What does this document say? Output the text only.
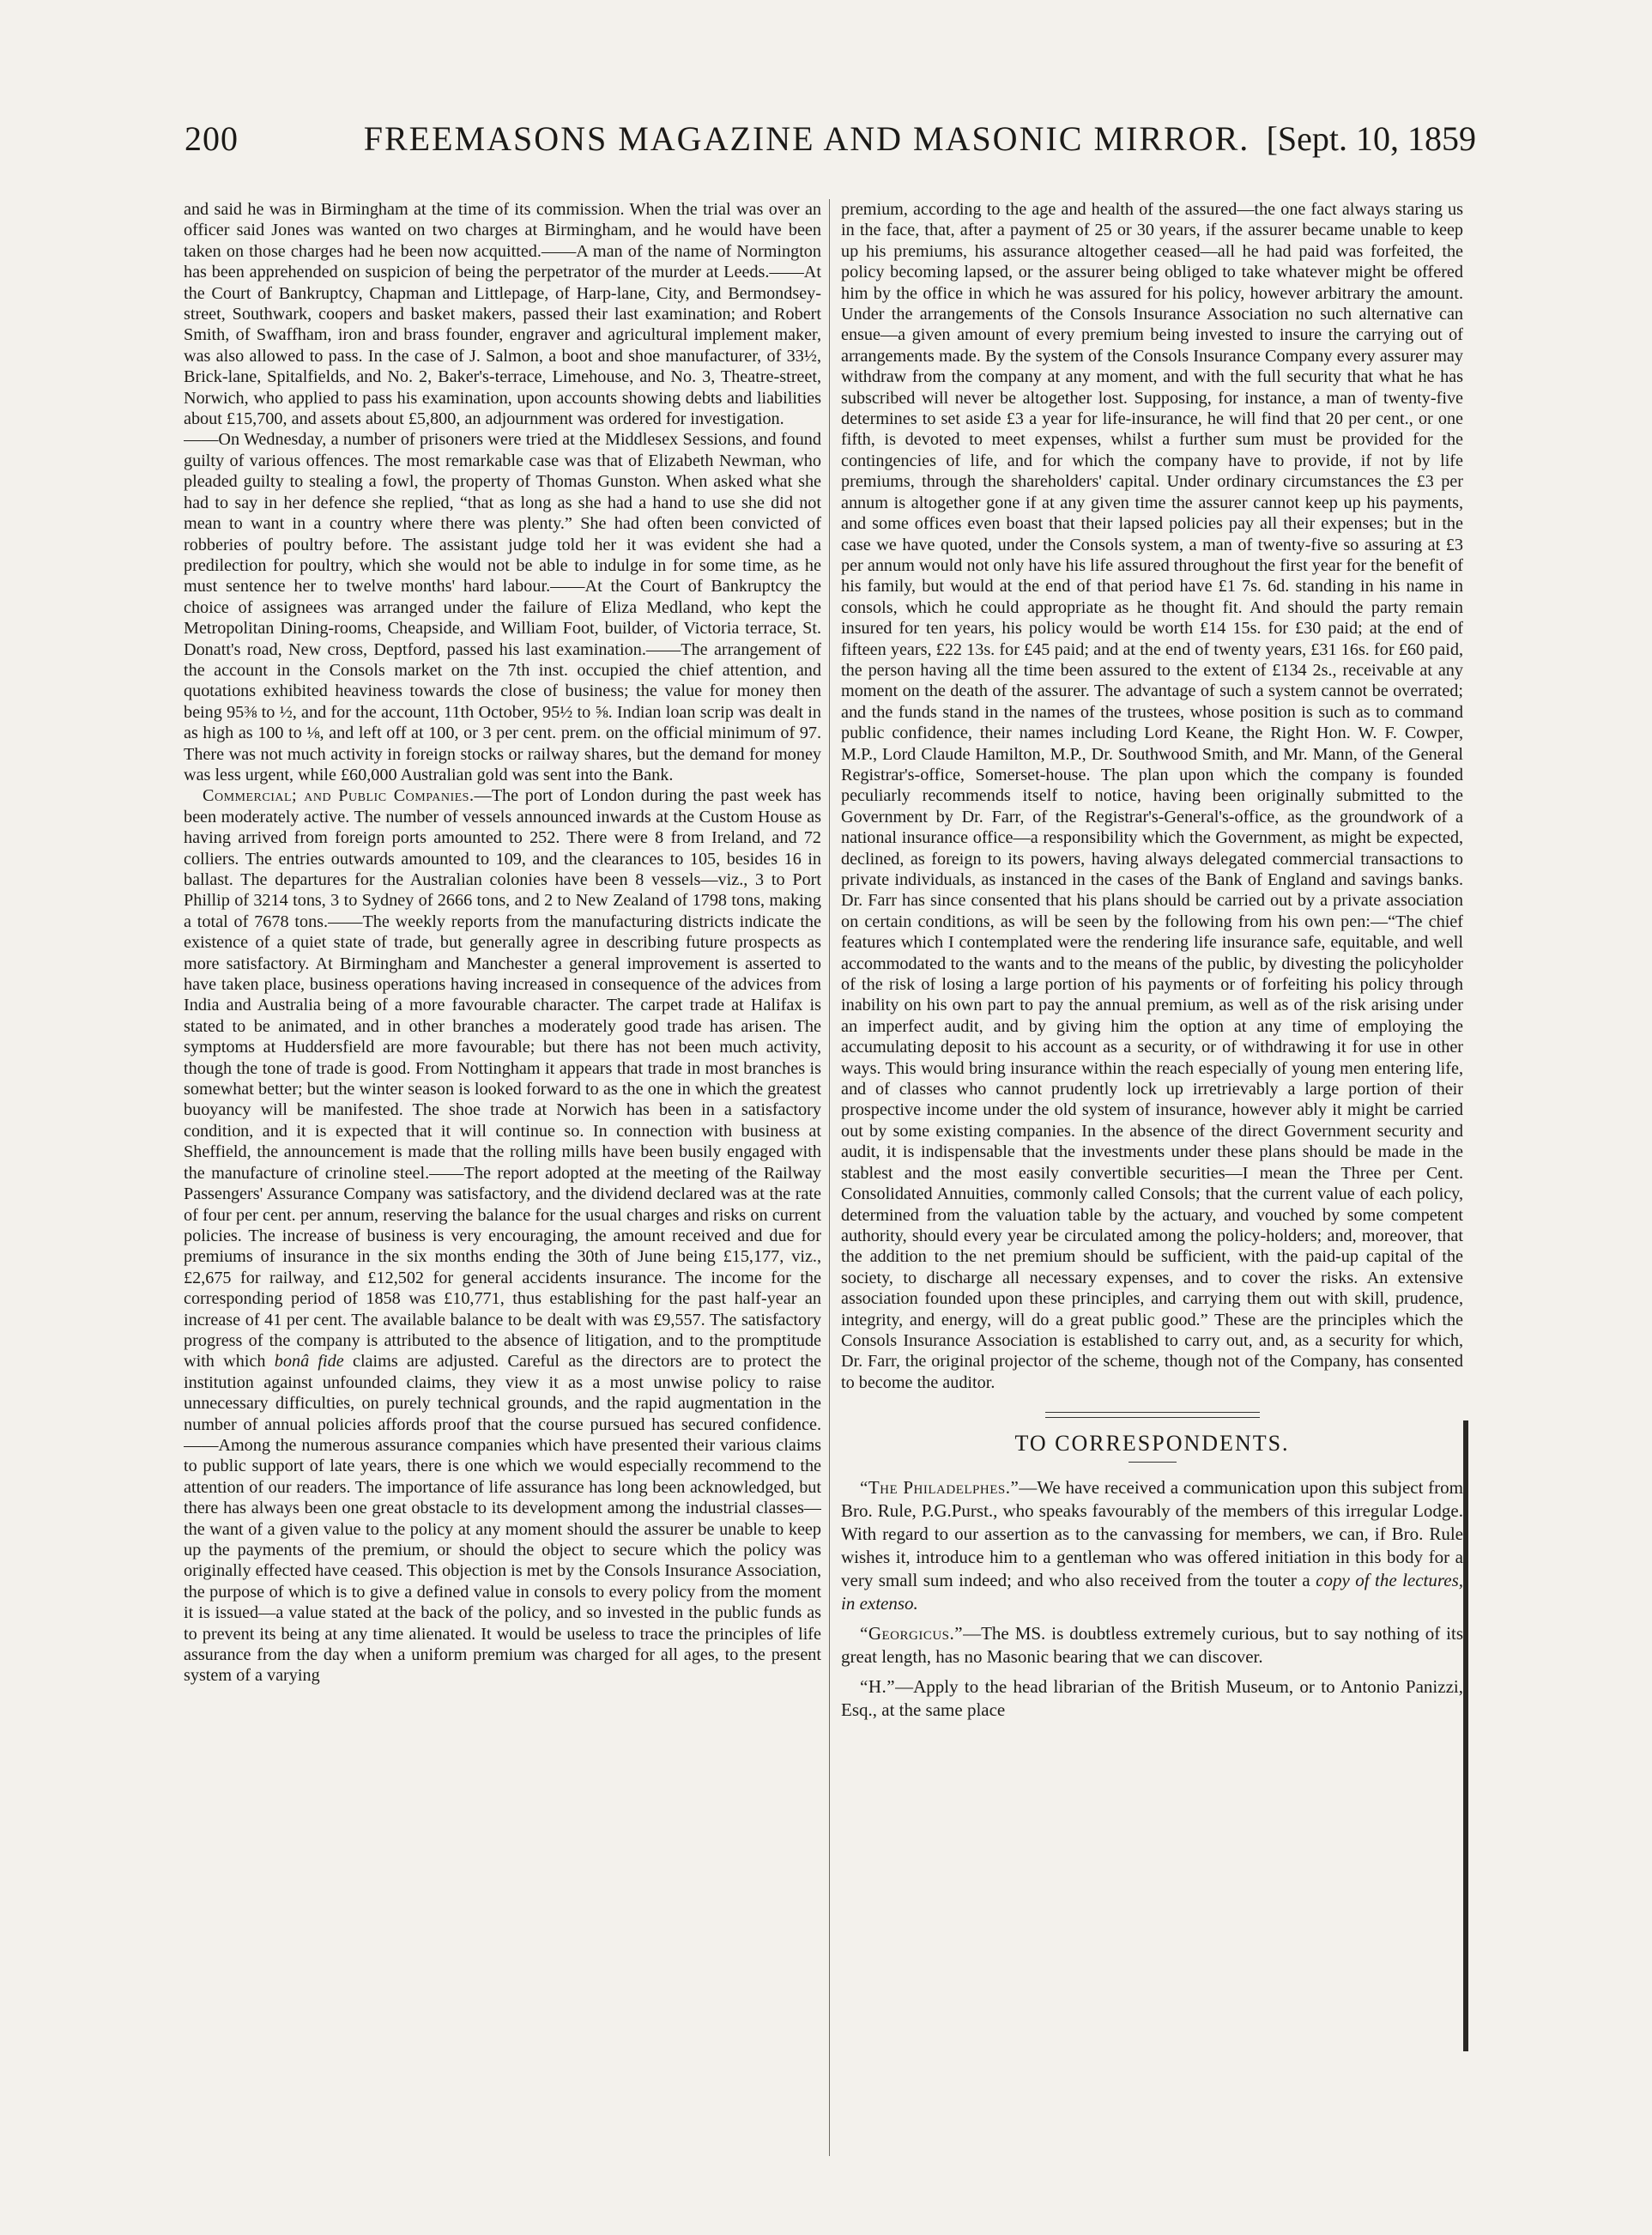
200	FREEMASONS MAGAZINE AND MASONIC MIRROR. [Sept. 10, 1859

and said he was in Birmingham at the time of its commission. When the trial was over an officer said Jones was wanted on two charges at Birmingham, and he would have been taken on those charges had he been now acquitted.——A man of the name of Normington has been apprehended on suspicion of being the perpetrator of the murder at Leeds.——At the Court of Bankruptcy, Chapman and Littlepage, of Harp-lane, City, and Bermondsey-street, Southwark, coopers and basket makers, passed their last examination; and Robert Smith, of Swaffham, iron and brass founder, engraver and agricultural implement maker, was also allowed to pass. In the case of J. Salmon, a boot and shoe manufacturer, of 33½, Brick-lane, Spitalfields, and No. 2, Baker's-terrace, Limehouse, and No. 3, Theatre-street, Norwich, who applied to pass his examination, upon accounts showing debts and liabilities about £15,700, and assets about £5,800, an adjournment was ordered for investigation.

——On Wednesday, a number of prisoners were tried at the Middlesex Sessions, and found guilty of various offences. The most remarkable case was that of Elizabeth Newman, who pleaded guilty to stealing a fowl, the property of Thomas Gunston. When asked what she had to say in her defence she replied, “that as long as she had a hand to use she did not mean to want in a country where there was plenty.” She had often been convicted of robberies of poultry before. The assistant judge told her it was evident she had a predilection for poultry, which she would not be able to indulge in for some time, as he must sentence her to twelve months' hard labour.——At the Court of Bankruptcy the choice of assignees was arranged under the failure of Eliza Medland, who kept the Metropolitan Dining-rooms, Cheapside, and William Foot, builder, of Victoria terrace, St. Donatt's road, New cross, Deptford, passed his last examination.——The arrangement of the account in the Consols market on the 7th inst. occupied the chief attention, and quotations exhibited heaviness towards the close of business; the value for money then being 95⅜ to ½, and for the account, 11th October, 95½ to ⅝. Indian loan scrip was dealt in as high as 100 to ⅛, and left off at 100, or 3 per cent. prem. on the official minimum of 97. There was not much activity in foreign stocks or railway shares, but the demand for money was less urgent, while £60,000 Australian gold was sent into the Bank.

Commercial; and Public Companies.—The port of London during the past week has been moderately active. The number of vessels announced inwards at the Custom House as having arrived from foreign ports amounted to 252. There were 8 from Ireland, and 72 colliers. The entries outwards amounted to 109, and the clearances to 105, besides 16 in ballast. The departures for the Australian colonies have been 8 vessels—viz., 3 to Port Phillip of 3214 tons, 3 to Sydney of 2666 tons, and 2 to New Zealand of 1798 tons, making a total of 7678 tons.——The weekly reports from the manufacturing districts indicate the existence of a quiet state of trade, but generally agree in describing future prospects as more satisfactory. At Birmingham and Manchester a general improvement is asserted to have taken place, business operations having increased in consequence of the advices from India and Australia being of a more favourable character. The carpet trade at Halifax is stated to be animated, and in other branches a moderately good trade has arisen. The symptoms at Huddersfield are more favourable; but there has not been much activity, though the tone of trade is good. From Nottingham it appears that trade in most branches is somewhat better; but the winter season is looked forward to as the one in which the greatest buoyancy will be manifested. The shoe trade at Norwich has been in a satisfactory condition, and it is expected that it will continue so. In connection with business at Sheffield, the announcement is made that the rolling mills have been busily engaged with the manufacture of crinoline steel.——The report adopted at the meeting of the Railway Passengers' Assurance Company was satisfactory, and the dividend declared was at the rate of four per cent. per annum, reserving the balance for the usual charges and risks on current policies. The increase of business is very encouraging, the amount received and due for premiums of insurance in the six months ending the 30th of June being £15,177, viz., £2,675 for railway, and £12,502 for general accidents insurance. The income for the corresponding period of 1858 was £10,771, thus establishing for the past half-year an increase of 41 per cent. The available balance to be dealt with was £9,557. The satisfactory progress of the company is attributed to the absence of litigation, and to the promptitude with which bonâ fide claims are adjusted. Careful as the directors are to protect the institution against unfounded claims, they view it as a most unwise policy to raise unnecessary difficulties, on purely technical grounds, and the rapid augmentation in the number of annual policies affords proof that the course pursued has secured confidence.——Among the numerous assurance companies which have presented their various claims to public support of late years, there is one which we would especially recommend to the attention of our readers. The importance of life assurance has long been acknowledged, but there has always been one great obstacle to its development among the industrial classes—the want of a given value to the policy at any moment should the assurer be unable to keep up the payments of the premium, or should the object to secure which the policy was originally effected have ceased. This objection is met by the Consols Insurance Association, the purpose of which is to give a defined value in consols to every policy from the moment it is issued—a value stated at the back of the policy, and so invested in the public funds as to prevent its being at any time alienated. It would be useless to trace the principles of life assurance from the day when a uniform premium was charged for all ages, to the present system of a varying

premium, according to the age and health of the assured—the one fact always staring us in the face, that, after a payment of 25 or 30 years, if the assurer became unable to keep up his premiums, his assurance altogether ceased—all he had paid was forfeited, the policy becoming lapsed, or the assurer being obliged to take whatever might be offered him by the office in which he was assured for his policy, however arbitrary the amount. Under the arrangements of the Consols Insurance Association no such alternative can ensue—a given amount of every premium being invested to insure the carrying out of arrangements made. By the system of the Consols Insurance Company every assurer may withdraw from the company at any moment, and with the full security that what he has subscribed will never be altogether lost. Supposing, for instance, a man of twenty-five determines to set aside £3 a year for life-insurance, he will find that 20 per cent., or one fifth, is devoted to meet expenses, whilst a further sum must be provided for the contingencies of life, and for which the company have to provide, if not by life premiums, through the shareholders' capital. Under ordinary circumstances the £3 per annum is altogether gone if at any given time the assurer cannot keep up his payments, and some offices even boast that their lapsed policies pay all their expenses; but in the case we have quoted, under the Consols system, a man of twenty-five so assuring at £3 per annum would not only have his life assured throughout the first year for the benefit of his family, but would at the end of that period have £1 7s. 6d. standing in his name in consols, which he could appropriate as he thought fit. And should the party remain insured for ten years, his policy would be worth £14 15s. for £30 paid; at the end of fifteen years, £22 13s. for £45 paid; and at the end of twenty years, £31 16s. for £60 paid, the person having all the time been assured to the extent of £134 2s., receivable at any moment on the death of the assurer. The advantage of such a system cannot be overrated; and the funds stand in the names of the trustees, whose position is such as to command public confidence, their names including Lord Keane, the Right Hon. W. F. Cowper, M.P., Lord Claude Hamilton, M.P., Dr. Southwood Smith, and Mr. Mann, of the General Registrar's-office, Somerset-house. The plan upon which the company is founded peculiarly recommends itself to notice, having been originally submitted to the Government by Dr. Farr, of the Registrar's-General's-office, as the groundwork of a national insurance office—a responsibility which the Government, as might be expected, declined, as foreign to its powers, having always delegated commercial transactions to private individuals, as instanced in the cases of the Bank of England and savings banks. Dr. Farr has since consented that his plans should be carried out by a private association on certain conditions, as will be seen by the following from his own pen:—“The chief features which I contemplated were the rendering life insurance safe, equitable, and well accommodated to the wants and to the means of the public, by divesting the policyholder of the risk of losing a large portion of his payments or of forfeiting his policy through inability on his own part to pay the annual premium, as well as of the risk arising under an imperfect audit, and by giving him the option at any time of employing the accumulating deposit to his account as a security, or of withdrawing it for use in other ways. This would bring insurance within the reach especially of young men entering life, and of classes who cannot prudently lock up irretrievably a large portion of their prospective income under the old system of insurance, however ably it might be carried out by some existing companies. In the absence of the direct Government security and audit, it is indispensable that the investments under these plans should be made in the stablest and the most easily convertible securities—I mean the Three per Cent. Consolidated Annuities, commonly called Consols; that the current value of each policy, determined from the valuation table by the actuary, and vouched by some competent authority, should every year be circulated among the policy-holders; and, moreover, that the addition to the net premium should be sufficient, with the paid-up capital of the society, to discharge all necessary expenses, and to cover the risks. An extensive association founded upon these principles, and carrying them out with skill, prudence, integrity, and energy, will do a great public good.” These are the principles which the Consols Insurance Association is established to carry out, and, as a security for which, Dr. Farr, the original projector of the scheme, though not of the Company, has consented to become the auditor.

TO CORRESPONDENTS.

“The Philadelphes.”—We have received a communication upon this subject from Bro. Rule, P.G.Purst., who speaks favourably of the members of this irregular Lodge. With regard to our assertion as to the canvassing for members, we can, if Bro. Rule wishes it, introduce him to a gentleman who was offered initiation in this body for a very small sum indeed; and who also received from the touter a copy of the lectures, in extenso.

“Georgicus.”—The MS. is doubtless extremely curious, but to say nothing of its great length, has no Masonic bearing that we can discover.

“H.”—Apply to the head librarian of the British Museum, or to Antonio Panizzi, Esq., at the same place
